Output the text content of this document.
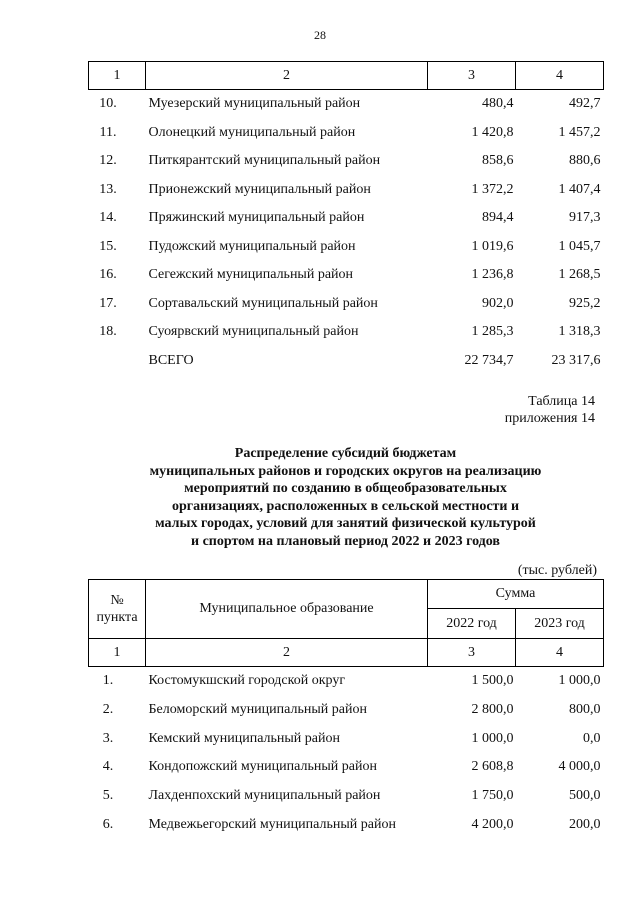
28
1	2	3	4
10.	Муезерский муниципальный район	480,4	492,7
11.	Олонецкий муниципальный район	1 420,8	1 457,2
12.	Питкярантский муниципальный район	858,6	880,6
13.	Прионежский муниципальный район	1 372,2	1 407,4
14.	Пряжинский муниципальный район	894,4	917,3
15.	Пудожский муниципальный район	1 019,6	1 045,7
16.	Сегежский муниципальный район	1 236,8	1 268,5
17.	Сортавальский муниципальный район	902,0	925,2
18.	Суоярвский муниципальный район	1 285,3	1 318,3
	ВСЕГО	22 734,7	23 317,6
Таблица 14
приложения 14
Распределение субсидий бюджетам
муниципальных районов и городских округов на реализацию
мероприятий по созданию в общеобразовательных
организациях, расположенных в сельской местности и
малых городах, условий для занятий физической культурой
и спортом на плановый период 2022 и 2023 годов
(тыс. рублей)
№
пункта	Муниципальное образование	Сумма	
		2022 год	2023 год
1	2	3	4
1.	Костомукшский городской округ	1 500,0	1 000,0
2.	Беломорский муниципальный район	2 800,0	800,0
3.	Кемский муниципальный район	1 000,0	0,0
4.	Кондопожский муниципальный район	2 608,8	4 000,0
5.	Лахденпохский муниципальный район	1 750,0	500,0
6.	Медвежьегорский муниципальный район	4 200,0	200,0
